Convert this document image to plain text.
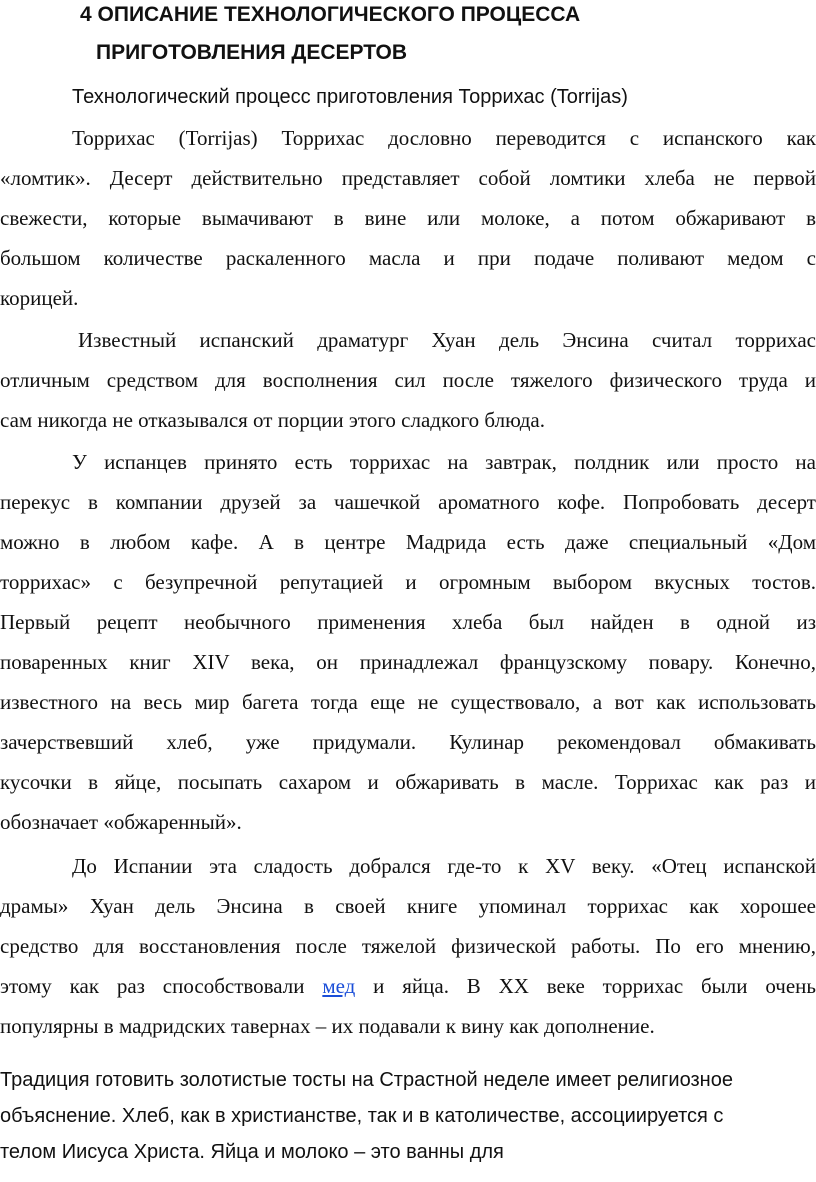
4 ОПИСАНИЕ ТЕХНОЛОГИЧЕСКОГО ПРОЦЕССА
ПРИГОТОВЛЕНИЯ ДЕСЕРТОВ
Технологический процесс приготовления Торрихас (Torrijas)
Торрихас (Torrijas) Торрихас дословно переводится с испанского как
«ломтик». Десерт действительно представляет собой ломтики хлеба не первой
свежести, которые вымачивают в вине или молоке, а потом обжаривают в
большом количестве раскаленного масла и при подаче поливают медом с
корицей.
Известный испанский драматург Хуан дель Энсина считал торрихас
отличным средством для восполнения сил после тяжелого физического труда и
сам никогда не отказывался от порции этого сладкого блюда.
У испанцев принято есть торрихас на завтрак, полдник или просто на
перекус в компании друзей за чашечкой ароматного кофе. Попробовать десерт
можно в любом кафе. А в центре Мадрида есть даже специальный «Дом
торрихас» с безупречной репутацией и огромным выбором вкусных тостов.
Первый рецепт необычного применения хлеба был найден в одной из
поваренных книг XIV века, он принадлежал французскому повару. Конечно,
известного на весь мир багета тогда еще не существовало, а вот как использовать
зачерствевший хлеб, уже придумали. Кулинар рекомендовал обмакивать
кусочки в яйце, посыпать сахаром и обжаривать в масле. Торрихас как раз и
обозначает «обжаренный».
До Испании эта сладость добрался где-то к XV веку. «Отец испанской
драмы» Хуан дель Энсина в своей книге упоминал торрихас как хорошее
средство для восстановления после тяжелой физической работы. По его мнению,
этому как раз способствовали мед и яйца. В XX веке торрихас были очень
популярны в мадридских тавернах – их подавали к вину как дополнение.
Традиция готовить золотистые тосты на Страстной неделе имеет религиозное
объяснение. Хлеб, как в христианстве, так и в католичестве, ассоциируется с
телом Иисуса Христа. Яйца и молоко – это ванны для
